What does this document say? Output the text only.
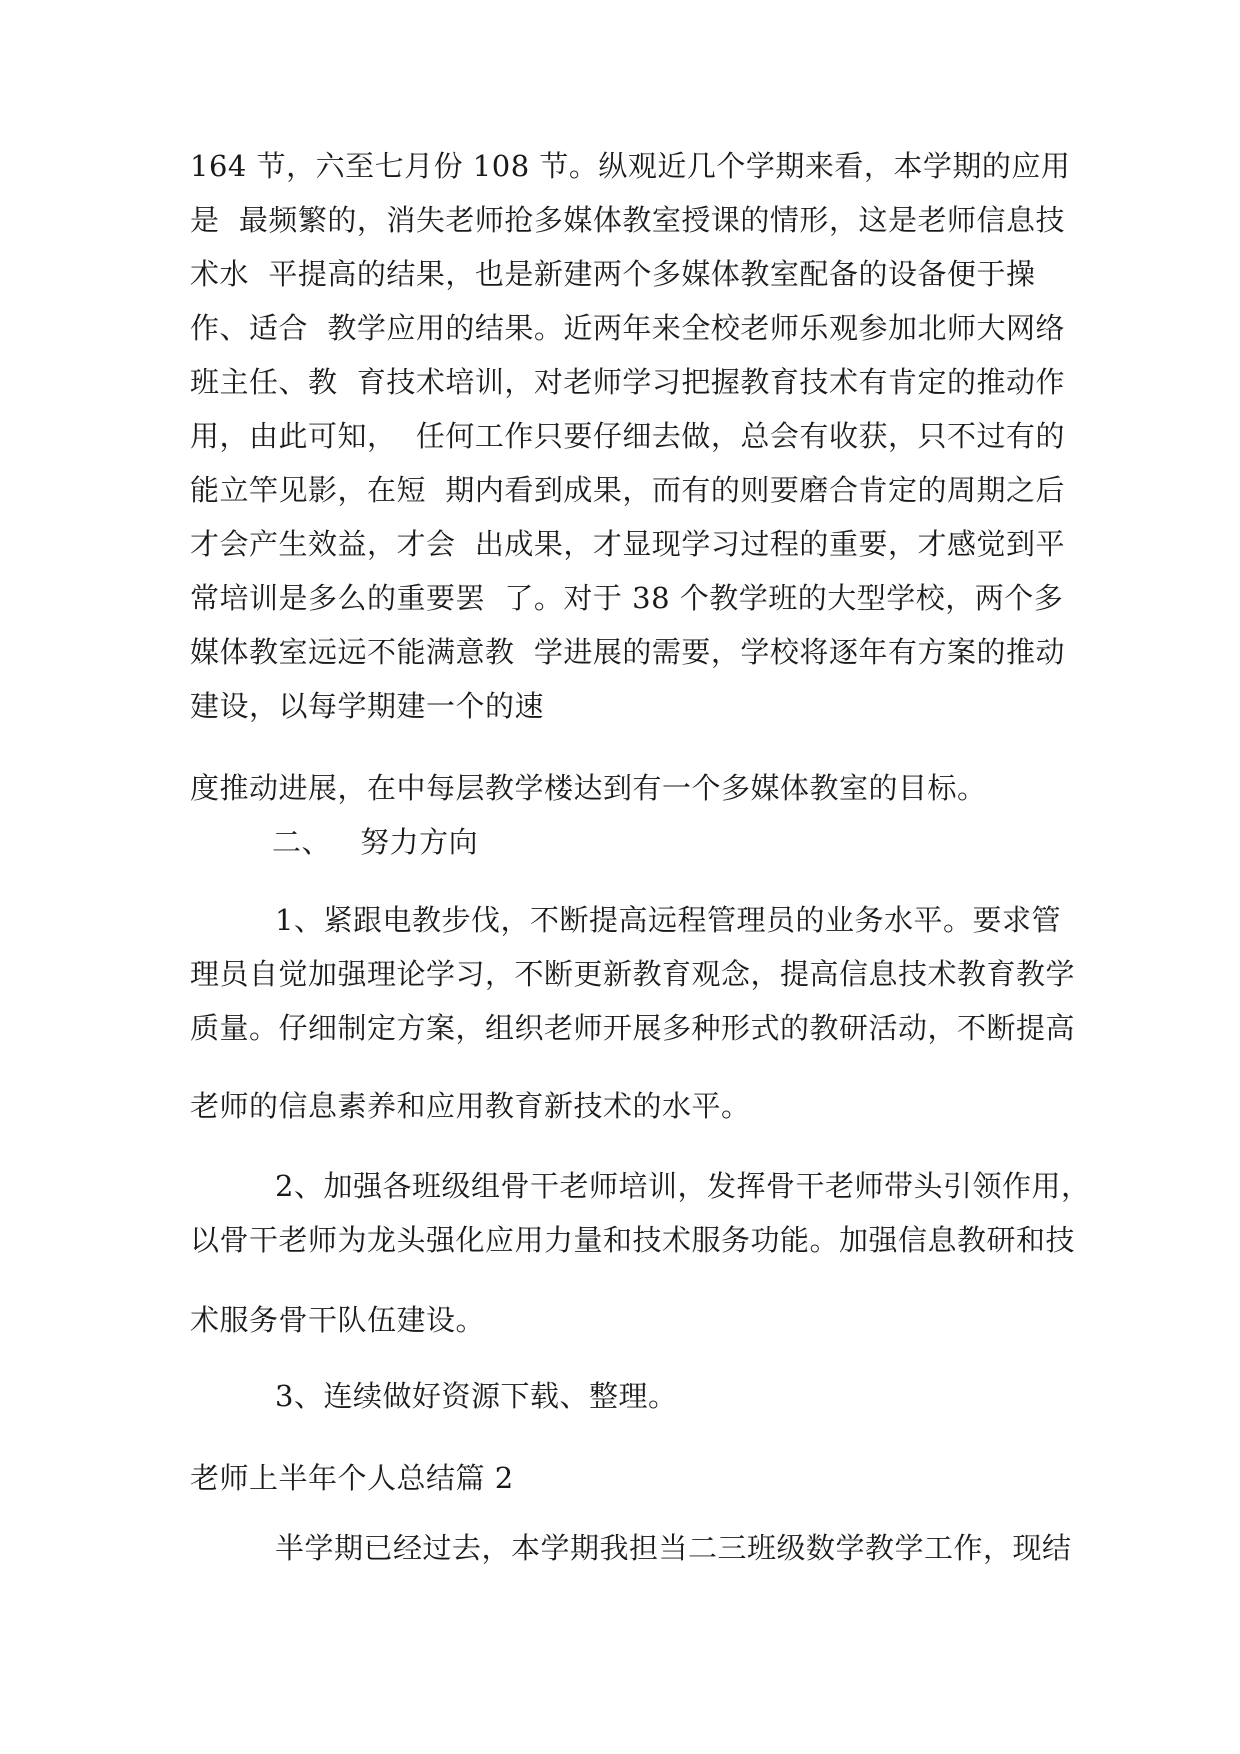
164 节，六至七月份 108 节。纵观近几个学期来看，本学期的应用
是  最频繁的，消失老师抢多媒体教室授课的情形，这是老师信息技
术水  平提高的结果，也是新建两个多媒体教室配备的设备便于操
作、适合  教学应用的结果。近两年来全校老师乐观参加北师大网络
班主任、教  育技术培训，对老师学习把握教育技术有肯定的推动作
用，由此可知，  任何工作只要仔细去做，总会有收获，只不过有的
能立竿见影，在短  期内看到成果，而有的则要磨合肯定的周期之后
才会产生效益，才会  出成果，才显现学习过程的重要，才感觉到平
常培训是多么的重要罢  了。对于 38 个教学班的大型学校，两个多
媒体教室远远不能满意教  学进展的需要，学校将逐年有方案的推动
建设，以每学期建一个的速
度推动进展，在中每层教学楼达到有一个多媒体教室的目标。
二、   努力方向
1、紧跟电教步伐，不断提高远程管理员的业务水平。要求管
理员自觉加强理论学习，不断更新教育观念，提高信息技术教育教学
质量。仔细制定方案，组织老师开展多种形式的教研活动，不断提高
老师的信息素养和应用教育新技术的水平。
2、加强各班级组骨干老师培训，发挥骨干老师带头引领作用，
以骨干老师为龙头强化应用力量和技术服务功能。加强信息教研和技
术服务骨干队伍建设。
3、连续做好资源下载、整理。
老师上半年个人总结篇 2
半学期已经过去，本学期我担当二三班级数学教学工作，现结
